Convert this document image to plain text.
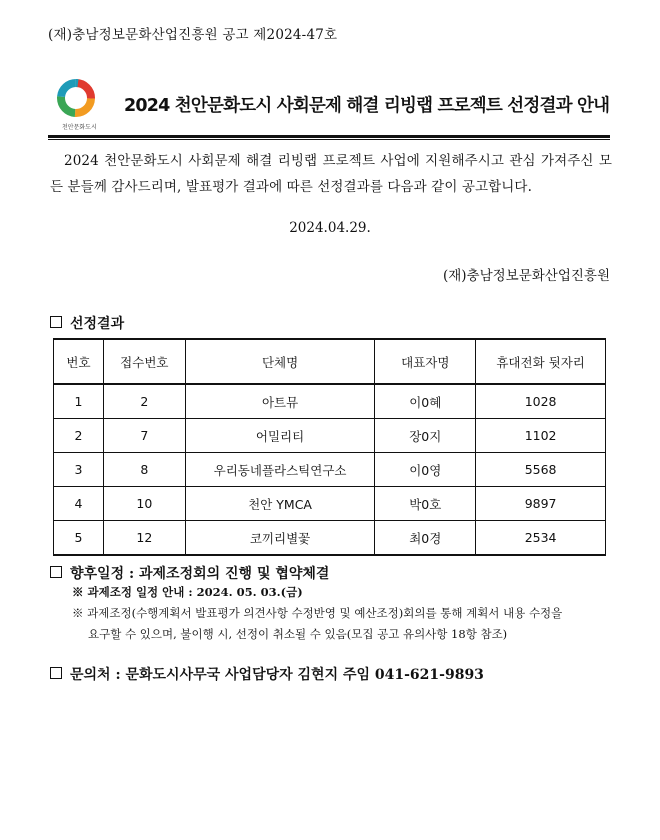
(재)충남정보문화산업진흥원 공고 제2024-47호
천안문화도시
2024 천안문화도시 사회문제 해결 리빙랩 프로젝트 선정결과 안내
2024 천안문화도시 사회문제 해결 리빙랩 프로젝트 사업에 지원해주시고 관심 가져주신 모든 분들께 감사드리며, 발표평가 결과에 따른 선정결과를 다음과 같이 공고합니다.
2024.04.29.
(재)충남정보문화산업진흥원
선정결과
번호	접수번호	단체명	대표자명	휴대전화 뒷자리
1	2	아트뮤	이0혜	1028
2	7	어밀리티	장0지	1102
3	8	우리동네플라스틱연구소	이0영	5568
4	10	천안 YMCA	박0호	9897
5	12	코끼리별꽃	최0경	2534
향후일정 : 과제조정회의 진행 및 협약체결
※ 과제조정 일정 안내 : 2024. 05. 03.(금)
※ 과제조정(수행계획서 발표평가 의견사항 수정반영 및 예산조정)회의를 통해 계획서 내용 수정을
요구할 수 있으며, 불이행 시, 선정이 취소될 수 있음(모집 공고 유의사항 18항 참조)
문의처 : 문화도시사무국 사업담당자 김현지 주임 041-621-9893
